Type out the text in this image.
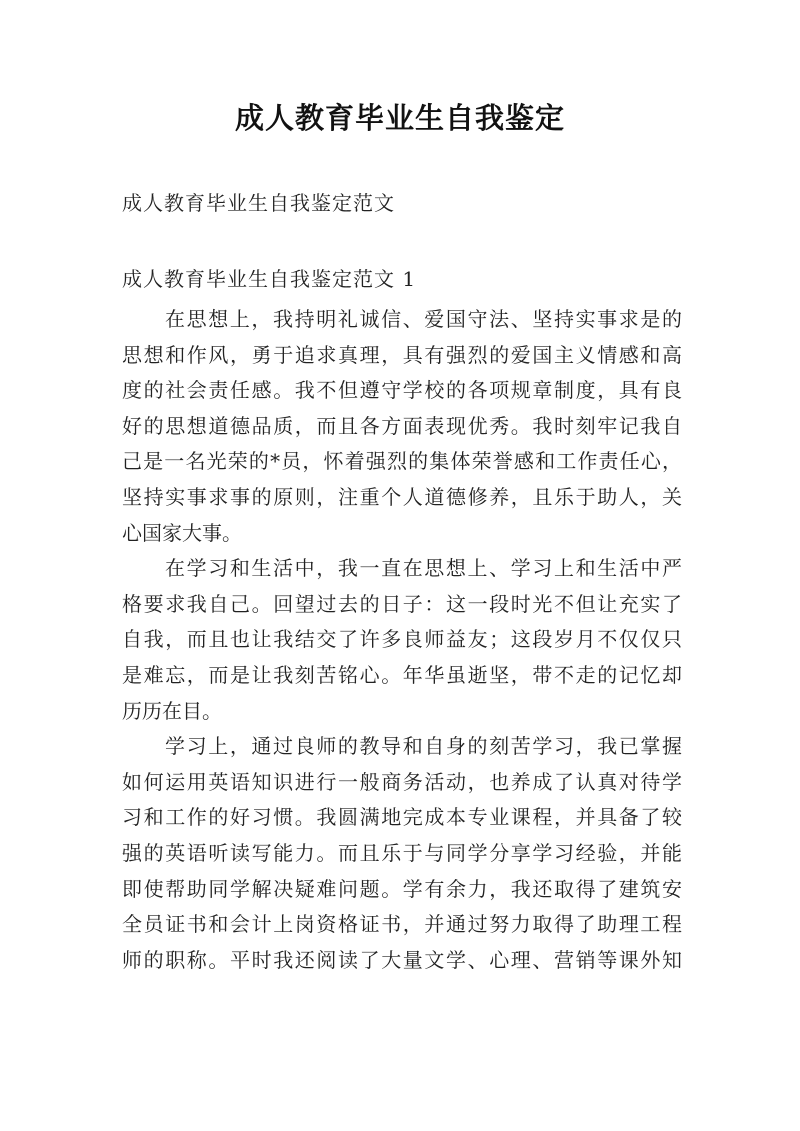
成人教育毕业生自我鉴定
成人教育毕业生自我鉴定范文
成人教育毕业生自我鉴定范文 1
在思想上，我持明礼诚信、爱国守法、坚持实事求是的
思想和作风，勇于追求真理，具有强烈的爱国主义情感和高
度的社会责任感。我不但遵守学校的各项规章制度，具有良
好的思想道德品质，而且各方面表现优秀。我时刻牢记我自
己是一名光荣的*员，怀着强烈的集体荣誉感和工作责任心，
坚持实事求事的原则，注重个人道德修养，且乐于助人，关
心国家大事。
在学习和生活中，我一直在思想上、学习上和生活中严
格要求我自己。回望过去的日子：这一段时光不但让充实了
自我，而且也让我结交了许多良师益友；这段岁月不仅仅只
是难忘，而是让我刻苦铭心。年华虽逝坚，带不走的记忆却
历历在目。
学习上，通过良师的教导和自身的刻苦学习，我已掌握
如何运用英语知识进行一般商务活动，也养成了认真对待学
习和工作的好习惯。我圆满地完成本专业课程，并具备了较
强的英语听读写能力。而且乐于与同学分享学习经验，并能
即使帮助同学解决疑难问题。学有余力，我还取得了建筑安
全员证书和会计上岗资格证书，并通过努力取得了助理工程
师的职称。平时我还阅读了大量文学、心理、营销等课外知
